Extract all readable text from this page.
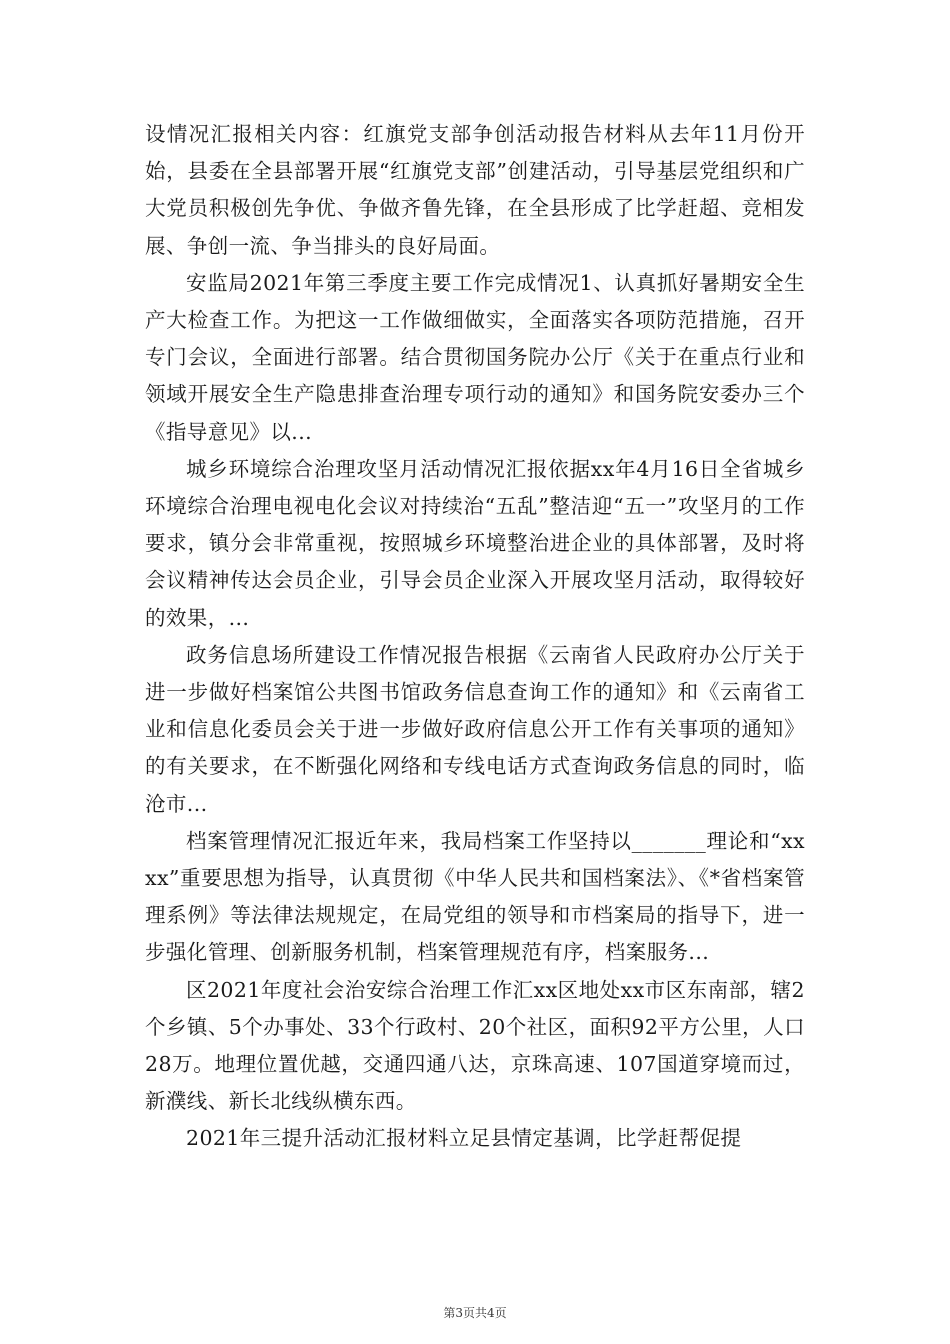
设情况汇报相关内容：红旗党支部争创活动报告材料从去年11月份开始，县委在全县部署开展“红旗党支部”创建活动，引导基层党组织和广大党员积极创先争优、争做齐鲁先锋，在全县形成了比学赶超、竞相发展、争创一流、争当排头的良好局面。

安监局2021年第三季度主要工作完成情况1、认真抓好暑期安全生产大检查工作。为把这一工作做细做实，全面落实各项防范措施，召开专门会议，全面进行部署。结合贯彻国务院办公厅《关于在重点行业和领域开展安全生产隐患排查治理专项行动的通知》和国务院安委办三个《指导意见》以...

城乡环境综合治理攻坚月活动情况汇报依据xx年4月16日全省城乡环境综合治理电视电化会议对持续治“五乱”整洁迎“五一”攻坚月的工作要求，镇分会非常重视，按照城乡环境整治进企业的具体部署，及时将会议精神传达会员企业，引导会员企业深入开展攻坚月活动，取得较好的效果，...

政务信息场所建设工作情况报告根据《云南省人民政府办公厅关于进一步做好档案馆公共图书馆政务信息查询工作的通知》和《云南省工业和信息化委员会关于进一步做好政府信息公开工作有关事项的通知》的有关要求，在不断强化网络和专线电话方式查询政务信息的同时，临沧市...

档案管理情况汇报近年来，我局档案工作坚持以_______理论和“xxxx”重要思想为指导，认真贯彻《中华人民共和国档案法》、《*省档案管理系例》等法律法规规定，在局党组的领导和市档案局的指导下，进一步强化管理、创新服务机制，档案管理规范有序，档案服务...

区2021年度社会治安综合治理工作汇xx区地处xx市区东南部，辖2个乡镇、5个办事处、33个行政村、20个社区，面积92平方公里，人口28万。地理位置优越，交通四通八达，京珠高速、107国道穿境而过，新濮线、新长北线纵横东西。

2021年三提升活动汇报材料立足县情定基调，比学赶帮促提

第3页共4页
